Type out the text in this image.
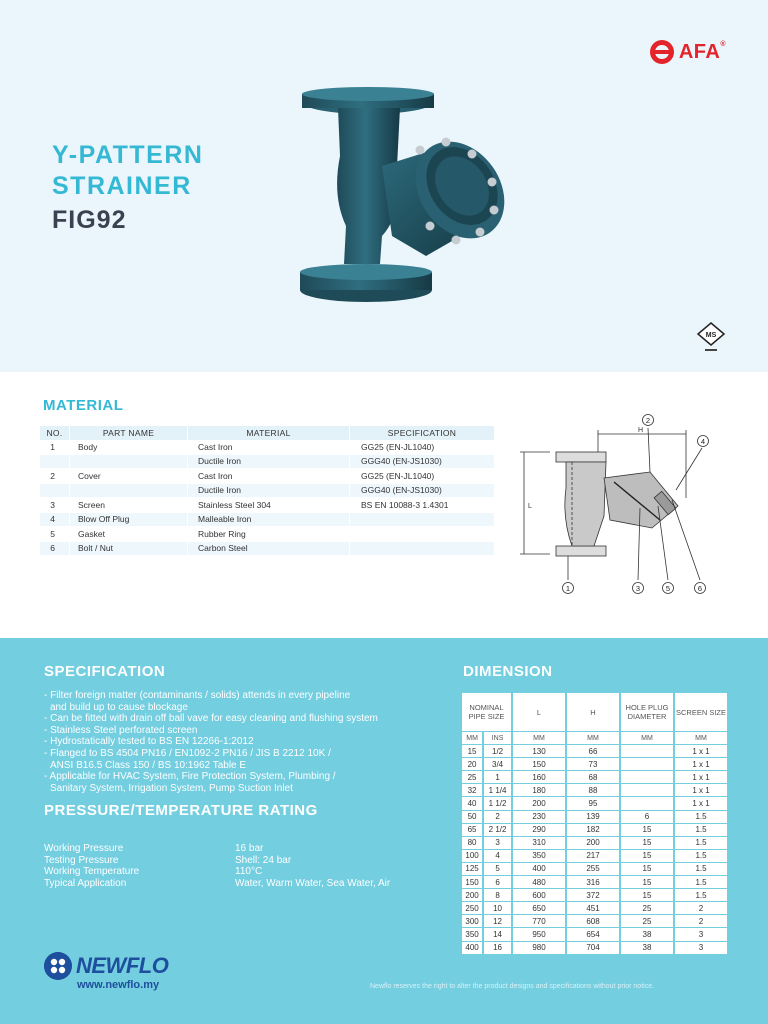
AFA®
Y-PATTERN
STRAINER
FIG92
MS
MATERIAL
NO.	PART NAME	MATERIAL	SPECIFICATION
1	Body	Cast Iron	GG25 (EN-JL1040)
		Ductile Iron	GGG40 (EN-JS1030)
2	Cover	Cast Iron	GG25 (EN-JL1040)
		Ductile Iron	GGG40 (EN-JS1030)
3	Screen	Stainless Steel 304	BS EN 10088-3 1.4301
4	Blow Off Plug	Malleable Iron	
5	Gasket	Rubber Ring	
6	Bolt / Nut	Carbon Steel	
L
H
1	3	5	6
2
4
SPECIFICATION
- Filter foreign matter (contaminants / solids) attends in every pipeline
and build up to cause blockage
- Can be fitted with drain off ball vave for easy cleaning and flushing system
- Stainless Steel perforated screen
- Hydrostatically tested to BS EN 12266-1:2012
- Flanged to BS 4504 PN16 / EN1092-2 PN16 / JIS B 2212 10K /
ANSI B16.5 Class 150 / BS 10:1962 Table E
- Applicable for HVAC System, Fire Protection System, Plumbing /
Sanitary System, Irrigation System, Pump Suction Inlet
PRESSURE/TEMPERATURE RATING
Working Pressure	16 bar
Testing Pressure	Shell: 24 bar
Working Temperature	110°C
Typical Application	Water, Warm Water, Sea Water, Air
DIMENSION
NOMINAL PIPE SIZE		L	H	HOLE PLUG DIAMETER	SCREEN SIZE
MM	INS	MM	MM	MM	MM
15	1/2	130	66		1 x 1
20	3/4	150	73		1 x 1
25	1	160	68		1 x 1
32	1 1/4	180	88		1 x 1
40	1 1/2	200	95		1 x 1
50	2	230	139	6	1.5
65	2 1/2	290	182	15	1.5
80	3	310	200	15	1.5
100	4	350	217	15	1.5
125	5	400	255	15	1.5
150	6	480	316	15	1.5
200	8	600	372	15	1.5
250	10	650	451	25	2
300	12	770	608	25	2
350	14	950	654	38	3
400	16	980	704	38	3
NEWFLO
www.newflo.my	Newflo reserves the right to alter the product designs and specifications without prior notice.
